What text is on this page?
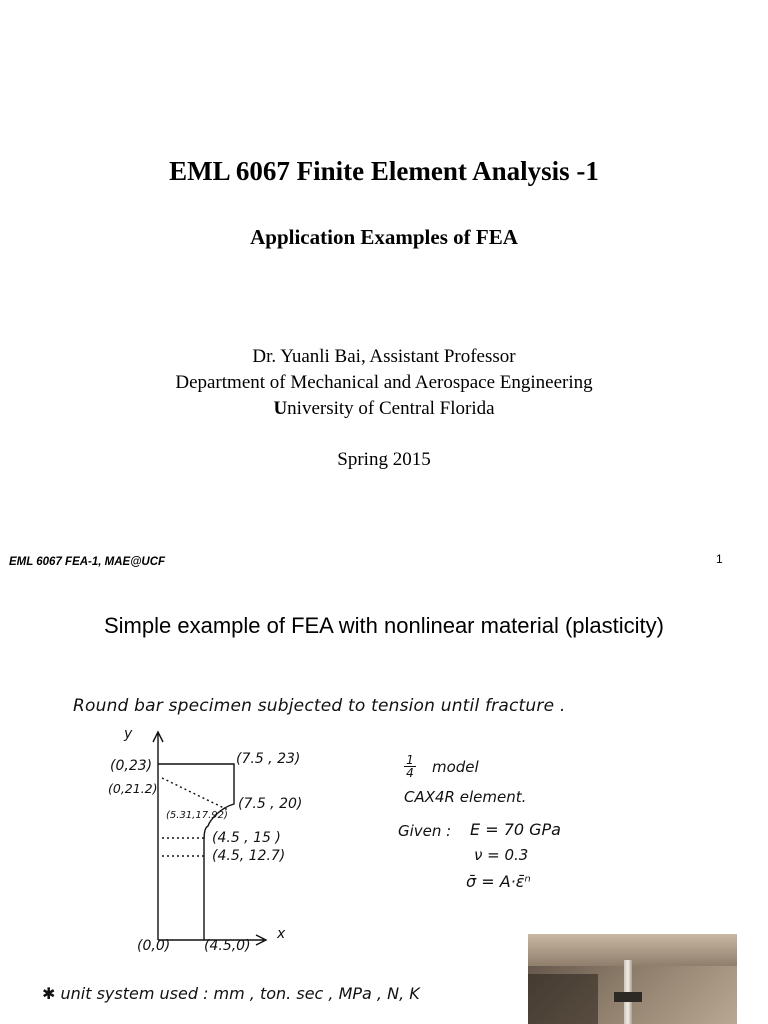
EML 6067 Finite Element Analysis -1
Application Examples of FEA
Dr. Yuanli Bai, Assistant Professor
Department of Mechanical and Aerospace Engineering
University of Central Florida
Spring 2015
EML 6067 FEA-1, MAE@UCF	1
Simple example of FEA with nonlinear material (plasticity)
Round bar specimen subjected to tension until fracture .
y
x
(0,23)
(0,21.2)
(5.31,17.92)
(7.5 , 23)
(7.5 , 20)
(4.5 , 15 )
(4.5, 12.7)
(0,0) (4.5,0)
$\frac{1}{4}$ model
CAX4R element.
Given : E = 70 GPa
ν = 0.3
σ̄ = A·ε̄ⁿ
✱ unit system used : mm , ton. sec , MPa , N, K
